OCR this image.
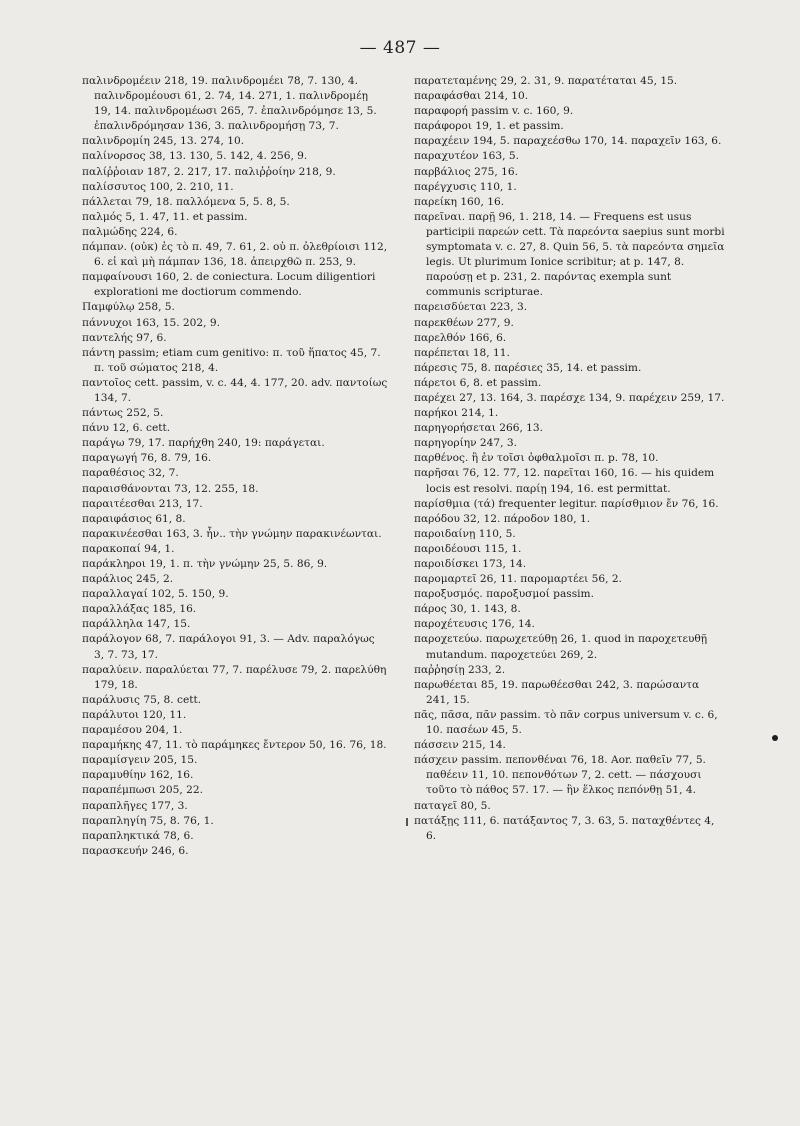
— 487 —

παλινδρομέειν 218, 19. παλινδρομέει 78, 7. 130, 4. παλινδρομέουσι 61, 2. 74, 14. 271, 1. παλινδρομέῃ 19, 14. παλινδρομέωσι 265, 7. ἐπαλινδρόμησε 13, 5. ἐπαλινδρόμησαν 136, 3. παλινδρομήσῃ 73, 7.

παλινδρομίη 245, 13. 274, 10.

παλίνορσος 38, 13. 130, 5. 142, 4. 256, 9.

παλίῤῥοιαν 187, 2. 217, 17. παλιῤῥοίην 218, 9.

παλίσσυτος 100, 2. 210, 11.

πάλλεται 79, 18. παλλόμενα 5, 5. 8, 5.

παλμός 5, 1. 47, 11. et passim.

παλμώδης 224, 6.

πάμπαν. (οὐκ) ἐς τὸ π. 49, 7. 61, 2. οὐ π. ὀλεθρίοισι 112, 6. εἰ καὶ μὴ πάμπαν 136, 18. ἀπειρχθῶ π. 253, 9.

παμφαίνουσι 160, 2. de coniectura. Locum diligentiori explorationi me doctiorum commendo.

Παμφύλῳ 258, 5.

πάννυχοι 163, 15. 202, 9.

παντελής 97, 6.

πάντη passim; etiam cum genitivo: π. τοῦ ἥπατος 45, 7. π. τοῦ σώματος 218, 4.

παντοῖος cett. passim, v. c. 44, 4. 177, 20. adv. παντοίως 134, 7.

πάντως 252, 5.

πάνυ 12, 6. cett.

παράγω 79, 17. παρήχθη 240, 19: παράγεται.

παραγωγή 76, 8. 79, 16.

παραθέσιος 32, 7.

παραισθάνονται 73, 12. 255, 18.

παραιτέεσθαι 213, 17.

παραιφάσιος 61, 8.

παρακινέεσθαι 163, 3. ἦν.. τὴν γνώμην παρακινέωνται.

παρακοπαί 94, 1.

παράκληροι 19, 1. π. τὴν γνώμην 25, 5. 86, 9.

παράλιος 245, 2.

παραλλαγαί 102, 5. 150, 9.

παραλλάξας 185, 16.

παράλληλα 147, 15.

παράλογον 68, 7. παράλογοι 91, 3. — Adv. παραλόγως 3, 7. 73, 17.

παραλύειν. παραλύεται 77, 7. παρέλυσε 79, 2. παρελύθη 179, 18.

παράλυσις 75, 8. cett.

παράλυτοι 120, 11.

παραμέσου 204, 1.

παραμήκης 47, 11. τὸ παράμηκες ἔντερον 50, 16. 76, 18.

παραμίσγειν 205, 15.

παραμυθίην 162, 16.

παραπέμπωσι 205, 22.

παραπλῆγες 177, 3.

παραπληγίη 75, 8. 76, 1.

παραπληκτικά 78, 6.

παρασκευήν 246, 6.

παρατεταμένης 29, 2. 31, 9. παρατέταται 45, 15.

παραφάσθαι 214, 10.

παραφορή passim v. c. 160, 9.

παράφοροι 19, 1. et passim.

παραχέειν 194, 5. παραχεέσθω 170, 14. παραχεῖν 163, 6.

παραχυτέον 163, 5.

παρβάλιος 275, 16.

παρέγχυσις 110, 1.

παρείκη 160, 16.

παρεῖναι. παρῇ 96, 1. 218, 14. — Frequens est usus participii παρεών cett. Τὰ παρεόντα saepius sunt morbi symptomata v. c. 27, 8. Quin 56, 5. τὰ παρεόντα σημεῖα legis. Ut plurimum Ionice scribitur; at p. 147, 8. παρούσῃ et p. 231, 2. παρόντας exempla sunt communis scripturae.

παρεισδύεται 223, 3.

παρεκθέων 277, 9.

παρελθόν 166, 6.

παρέπεται 18, 11.

πάρεσις 75, 8. παρέσιες 35, 14. et passim.

πάρετοι 6, 8. et passim.

παρέχει 27, 13. 164, 3. παρέσχε 134, 9. παρέχειν 259, 17.

παρήκοι 214, 1.

παρηγορήσεται 266, 13.

παρηγορίην 247, 3.

παρθένος. ἢ ἐν τοῖσι ὀφθαλμοῖσι π. p. 78, 10.

παρῆσαι 76, 12. 77, 12. παρεῖται 160, 16. — his quidem locis est resolvi. παρίῃ 194, 16. est permittat.

παρίσθμια (τά) frequenter legitur. παρίσθμιον ἔν 76, 16.

παρόδου 32, 12. πάροδον 180, 1.

παροιδαίνῃ 110, 5.

παροιδέουσι 115, 1.

παροιδίσκει 173, 14.

παρομαρτεῖ 26, 11. παρομαρτέει 56, 2.

παροξυσμός. παροξυσμοί passim.

πάρος 30, 1. 143, 8.

παροχέτευσις 176, 14.

παροχετεύω. παρωχετεύθῃ 26, 1. quod in παροχετευθῇ mutandum. παροχετεύει 269, 2.

παῤῥησίῃ 233, 2.

παρωθέεται 85, 19. παρωθέεσθαι 242, 3. παρώσαντα 241, 15.

πᾶς, πᾶσα, πᾶν passim. τὸ πᾶν corpus universum v. c. 6, 10. πασέων 45, 5.

πάσσειν 215, 14.

πάσχειν passim. πεπονθέναι 76, 18. Aor. παθεῖν 77, 5. παθέειν 11, 10. πεπονθότων 7, 2. cett. — πάσχουσι τοῦτο τὸ πάθος 57. 17. — ἢν ἕλκος πεπόνθῃ 51, 4.

παταγεῖ 80, 5.

πατάξῃς 111, 6. πατάξαντος 7, 3. 63, 5. παταχθέντες 4, 6.
